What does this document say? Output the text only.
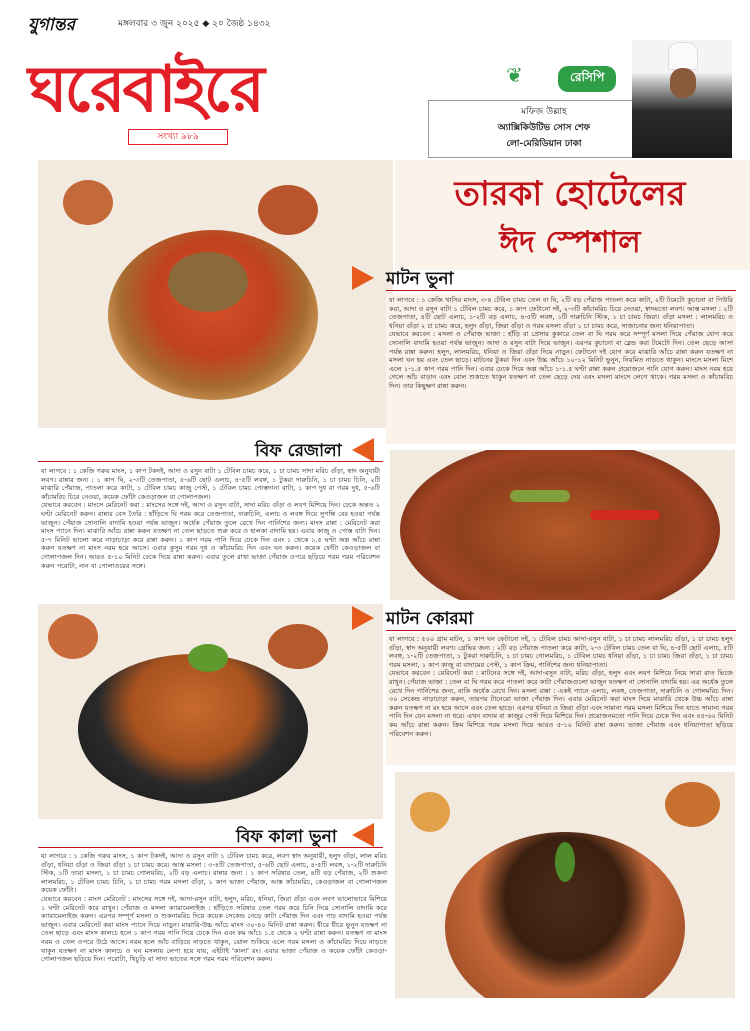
যুগান্তর	মঙ্গলবার ৩ জুন ২০২৫ ◆ ২০ জৈষ্ঠ ১৪৩২
ঘরেবাইরে
সংখ্যা ৯৮৯
❦	রেসিপি
মফিজ উল্লাহ
অ্যাক্সিকিউটিভ সোস শেফ
লো-মেরিডিয়ান ঢাকা
তারকা হোটেলের
ঈদ স্পেশাল
মাটন ভুনা
যা লাগবে : ১ কেজি খাসির মাংস, ৩-৪ টেবিল চামচ তেল বা ঘি, ২টি বড় পেঁয়াজ পাতলা করে কাটা, ২টি টমেটো কুচানো বা পিউরি করা, আদা ও রসুন বাটা ১ টেবিল চামচ করে, ১ কাপ ফেটানো দই, ২-৩টি কাঁচামরিচ চিরে নেওয়া, স্বাদমতো লবণ। আস্ত মসলা : ২টি তেজপাতা, ৪টি ছোট এলাচ, ১-২টি বড় এলাচ, ৪-৫টি লবঙ্গ, ১টি দারুচিনি স্টিক, ১ চা চামচ জিরা। গুঁড়া মসলা : লালমরিচ ও ধনিয়া গুঁড়া ২ চা চামচ করে, হলুদ গুঁড়া, জিরা গুঁড়া ও গরম মসলা গুঁড়া ১ চা চামচ করে, সাজানোর জন্য ধনিয়াপাতা।
যেভাবে করবেন : মসলা ও পেঁয়াজ ভাজা : হাঁড়ি বা প্রেসার কুকারে তেল বা ঘি গরম করে সম্পূর্ণ মসলা দিয়ে পেঁয়াজ যোগ করে সোনালি বাদামি হওয়া পর্যন্ত ভাজুন। আদা ও রসুন বাটা দিয়ে ভাজুন। এরপর কুচানো বা ব্লেন্ড করা টমেটো দিন। তেল ছেড়ে আসা পর্যন্ত রান্না করুন। হলুদ, লালমরিচ, ধনিয়া ও জিরা গুঁড়া দিয়ে নাড়ুন। ফেটানো দই যোগ করে মাঝারি আঁচে রান্না করুন যতক্ষণ না মসলা ঘন হয় এবং তেল ছাড়ে। মাটনের টুকরা দিন এবং উচ্চ আঁচে ১০-১২ মিনিট ভুনুন, নিয়মিত নাড়তে থাকুন। মাংসে মসলা মিশে এলে ১-১.৫ কাপ গরম পানি দিন। এবার ঢেকে দিয়ে অল্প আঁচে ১-১.৫ ঘণ্টা রান্না করুন প্রয়োজনে পানি যোগ করুন। মাংস নরম হয়ে গেলে আঁচ বাড়ান এবং বোল শুকাতে থাকুন যতক্ষণ না তেল ছেড়ে দেয় এবং মসলা মাংসে লেগে থাকে। গরম মসলা ও কাঁচামরিচ দিন। তার কিছুক্ষণ রান্না করুন।
বিফ রেজালা
যা লাগবে : ১ কেজি গরুর মাংস, ১ কাপ টকদই, আদা ও রসুন বাটা ১ টেবিল চামচ করে, ১ চা চামচ সাদা মরিচ গুঁড়া, স্বাদ অনুযায়ী লবণ। রান্নার জন্য : ১ কাপ ঘি, ২-৩টি তেজপাতা, ৫-৬টি ছোট এলাচ, ৪-৫টি লবঙ্গ, ১ টুকরা দারুচিনি, ১ চা চামচ চিনি, ২টি মাঝারি পেঁয়াজ, পাতলা করে কাটা, ১ টেবিল চামচ কাজু পেস্ট, ১ টেবিল চামচ পোস্তদানা বাটা, ১ কাপ দুধ বা গরম দুধ, ৫-৬টি কাঁচামরিচ চিরে নেওয়া, কয়েক ফোঁটা কেওড়াজল বা গোলাপজল।
যেভাবে করবেন : মাংসে মেরিনেট করা : মাংসের সঙ্গে দই, আদা ও রসুন বাটা, সাদা মরিচ গুঁড়া ও লবণ মিশিয়ে দিন। ঢেকে অন্তত ২ ঘণ্টা মেরিনেট করুন। রান্নার বেস তৈরি : হাঁড়িতে ঘি গরম করে তেজপাতা, দারুচিনি, এলাচ ও লবঙ্গ দিয়ে সুগন্ধি বের হওয়া পর্যন্ত ভাজুন। পেঁয়াজ সোনালি বাদামি হওয়া পর্যন্ত ভাজুন। অর্ধেক পেঁয়াজ তুলে রেখে দিন গার্নিশের জন্য। মাংস রান্না : মেরিনেট করা মাংস প্যানে দিন। মাঝারি আঁচে রান্না করুন যতক্ষণ না তেল ছাড়তে শুরু করে ও হালকা বাদামি হয়। এবার কাজু ও পোস্ত বাটা দিন। ৫-৭ মিনিট ভালো করে নাড়াচাড়া করে রান্না করুন। ১ কাপ গরম পানি দিয়ে ঢেকে দিন এবং ১ থেকে ১.৫ ঘণ্টা অল্প আঁচে রান্না করুন যতক্ষণ না মাংস নরম হয়ে আসে। এবার কুসুম গরম দুধ ও কাঁচামরিচ দিন এবং ঘন করুন। কয়েক ফোঁটা কেওড়াজল বা গোলাপজল দিন। আরও ৫-১০ মিনিট ঢেকে দিয়ে রান্না করুন। এবার তুলে রাখা ভাজা পেঁয়াজ ওপরে ছড়িয়ে গরম গরম পরিবেশন করুন পরোটা, নান বা পোলাওয়ের সঙ্গে।
মাটন কোরমা
যা লাগবে : ৫০০ গ্রাম মাটন, ১ কাপ ঘন ফেটানো দই, ১ টেবিল চামচ আদা-রসুন বাটা, ১ চা চামচ লালমরিচ গুঁড়া, ১ চা চামচ হলুদ গুঁড়া, স্বাদ অনুযায়ী লবণ। গ্রেভির জন্য : ২টি বড় পেঁয়াজ পাতলা করে কাটা, ২-৩ টেবিল চামচ তেল বা ঘি, ৪-৫টি ছোট এলাচ, ৫টি লবঙ্গ, ১-২টি তেজপাতা, ১ টুকরা দারুচিনি, ১ চা চামচ গোলমরিচ, ১ টেবিল চামচ ধনিয়া গুঁড়া, ১ চা চামচ জিরা গুঁড়া, ১ চা চামচ গরম মসলা, ১ কাপ কাজু বা বাদামের পেস্ট, ১ কাপ ক্রিম, গার্নিশের জন্য ধনিয়াপাতা।
যেভাবে করবেন : মেরিনেট করা : মাটনের সঙ্গে দই, আদা-রসুন বাটা, মরিচ গুঁড়া, হলুদ এবং লবণ মিশিয়ে নিয়ে সারা রাত ভিজে রাখুন। পেঁয়াজ ভাজা : তেল বা ঘি গরম করে পাতলা করে কাটা পেঁয়াজগুলো ভাজুন যতক্ষণ না সোনালি বাদামি হয়। এর অর্ধেক তুলে রেখে দিন গার্নিশের জন্য, বাকি অর্ধেক রেখে দিন। মসলা রান্না : একই প্যানে এলাচ, লবঙ্গ, তেজপাতা, দারুচিনি ও গোলমরিচ দিন। ৩০ সেকেন্ড নাড়াচাড়া করুন, তারপর টানেরো ভাজা পেঁয়াজ দিন। এবার মেরিনেট করা মাংস দিয়ে মাঝারি থেকে উচ্চ আঁচে রান্না করুন যতক্ষণ না রং হয়ে আসে এবং তেল ছাড়ে। এরপর ধনিয়া ও জিরা গুঁড়া এবং সামান্য গরম মসলা মিশিয়ে দিন যাতে সামান্য গরম পানি দিন যেন মসলা না ধরে। এখন বাদাম বা কাজুর পেস্ট দিয়ে মিশিয়ে দিন। প্রয়োজনমতো পানি দিয়ে ঢেকে দিন এবং ৪৫-৬০ মিনিট কম আঁচে রান্না করুন। ক্রিম মিশিয়ে গরম মসলা দিয়ে আরও ৫-১০ মিনিট রান্না করুন। ভাজা পেঁয়াজ এবং ধনিয়াপাতা ছড়িয়ে পরিবেশন করুন।
বিফ কালা ভুনা
যা লাগবে : ১ কেজি গরুর মাংস, ১ কাপ টকদই, আদা ও রসুন বাটা ১ টেবিল চামচ করে, লবণ স্বাদ অনুযায়ী, হলুদ গুঁড়া, লাল মরিচ গুঁড়া, ধনিয়া গুঁড়া ও জিরা গুঁড়া ১ চা চামচ করে। আস্ত মসলা : ৩-৪টি তেজপাতা, ৫-৬টি ছোট এলাচ, ৪-৫টি লবঙ্গ, ১-২টি দারুচিনি স্টিক, ১টি তারা মসলা, ১ চা চামচ গোলমরিচ, ২টি বড় এলাচ। রান্নার জন্য : ১ কাপ সরিষার তেল, ৪টি বড় পেঁয়াজ, ২টি শুকনা লালমরিচ, ১ টেবিল চামচ চিনি, ১ চা চামচ গরম মসলা গুঁড়া, ১ কাপ ভাজা পেঁয়াজ, আস্ত কাঁচামরিচ, কেওড়াজল বা গোলাপজল কয়েক ফোঁটা।
যেভাবে করবেন : মাংস মেরিনেট : মাংসের সঙ্গে দই, আদা-রসুন বাটা, হলুদ, মরিচ, ধনিয়া, জিরা গুঁড়া এবং লবণ ভালোভাবে মিশিয়ে ১ ঘণ্টা মেরিনেট করে রাখুন। পেঁয়াজ ও মসলা ক্যারামেলাইজ : হাঁড়িতে সরিষার তেল গরম করে চিনি দিয়ে সোনালি বাদামি করে ক্যারামেলাইজ করুন। এরপর সম্পূর্ণ মসলা ও শুকনামরিচ দিয়ে কয়েক সেকেন্ড নেড়ে কাটা পেঁয়াজ দিন এবং গাঢ় বাদামি হওয়া পর্যন্ত ভাজুন। এবার মেরিনেট করা মাংস প্যানে দিয়ে নাড়ুন। মাঝারি-উচ্চ আঁচে মাংস ৩০-৪০ মিনিট রান্না করুন। ধীরে ধীরে ভুনুন যতক্ষণ না তেল ছাড়ে এবং মাংস কালচে হলে ১ কাপ গরম পানি দিয়ে ঢেকে দিন এবং কম আঁচে ১.৫ থেকে ২ ঘণ্টা রান্না করুন। যতক্ষণ না মাংস নরম ও তেল ওপরে উঠে আসে। নরম হলে আঁচ বাড়িয়ে নাড়তে থাকুন, ঝোল শুকিয়ে এলে গরম মসলা ও কাঁচামরিচ দিয়ে নাড়তে থাকুন যতক্ষণ না মাংস কালচে ও ঘন মসলায় লেপা হয়ে যায়, এইটাই 'কালা' রং। এবার ভাজা পেঁয়াজ ও কয়েক ফোঁটা কেওড়া-গোলাপজল ছড়িয়ে দিন। পরোটা, খিচুড়ি বা সাদা ভাতের সঙ্গে গরম গরম পরিবেশন করুন।
